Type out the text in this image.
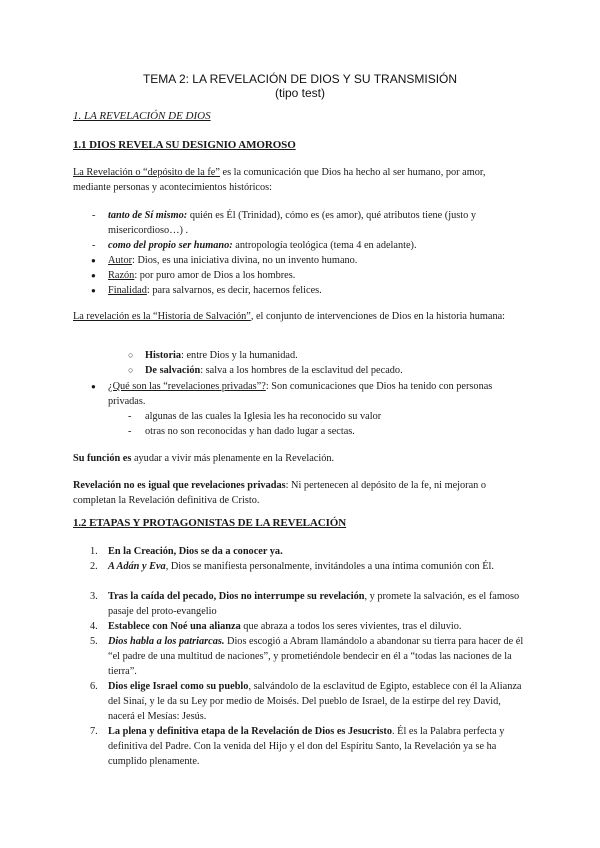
TEMA 2: LA REVELACIÓN DE DIOS Y SU TRANSMISIÓN
(tipo test)
1. LA REVELACIÓN DE DIOS
1.1 DIOS REVELA SU DESIGNIO AMOROSO
La Revelación o “depósito de la fe” es la comunicación que Dios ha hecho al ser humano, por amor, mediante personas y acontecimientos históricos:
- tanto de Sí mismo: quién es Él (Trinidad), cómo es (es amor), qué atributos tiene (justo y misericordioso…) .
- como del propio ser humano: antropología teológica (tema 4 en adelante).
● Autor: Dios, es una iniciativa divina, no un invento humano.
● Razón: por puro amor de Dios a los hombres.
● Finalidad: para salvarnos, es decir, hacernos felices.
La revelación es la “Historia de Salvación”, el conjunto de intervenciones de Dios en la historia humana:
○ Historia: entre Dios y la humanidad.
○ De salvación: salva a los hombres de la esclavitud del pecado.
● ¿Qué son las “revelaciones privadas”?: Son comunicaciones que Dios ha tenido con personas privadas.
- algunas de las cuales la Iglesia les ha reconocido su valor
- otras no son reconocidas y han dado lugar a sectas.
Su función es ayudar a vivir más plenamente en la Revelación.
Revelación no es igual que revelaciones privadas: Ni pertenecen al depósito de la fe, ni mejoran o completan la Revelación definitiva de Cristo.
1.2 ETAPAS Y PROTAGONISTAS DE LA REVELACIÓN
1. En la Creación, Dios se da a conocer ya.
2. A Adán y Eva, Dios se manifiesta personalmente, invitándoles a una íntima comunión con Él.
3. Tras la caída del pecado, Dios no interrumpe su revelación, y promete la salvación, es el famoso pasaje del proto-evangelio
4. Establece con Noé una alianza que abraza a todos los seres vivientes, tras el diluvio.
5. Dios habla a los patriarcas. Dios escogió a Abram llamándolo a abandonar su tierra para hacer de él “el padre de una multitud de naciones”, y prometiéndole bendecir en él a “todas las naciones de la tierra”.
6. Dios elige Israel como su pueblo, salvándolo de la esclavitud de Egipto, establece con él la Alianza del Sinaí, y le da su Ley por medio de Moisés. Del pueblo de Israel, de la estirpe del rey David, nacerá el Mesías: Jesús.
7. La plena y definitiva etapa de la Revelación de Dios es Jesucristo. Él es la Palabra perfecta y definitiva del Padre. Con la venida del Hijo y el don del Espíritu Santo, la Revelación ya se ha cumplido plenamente.
